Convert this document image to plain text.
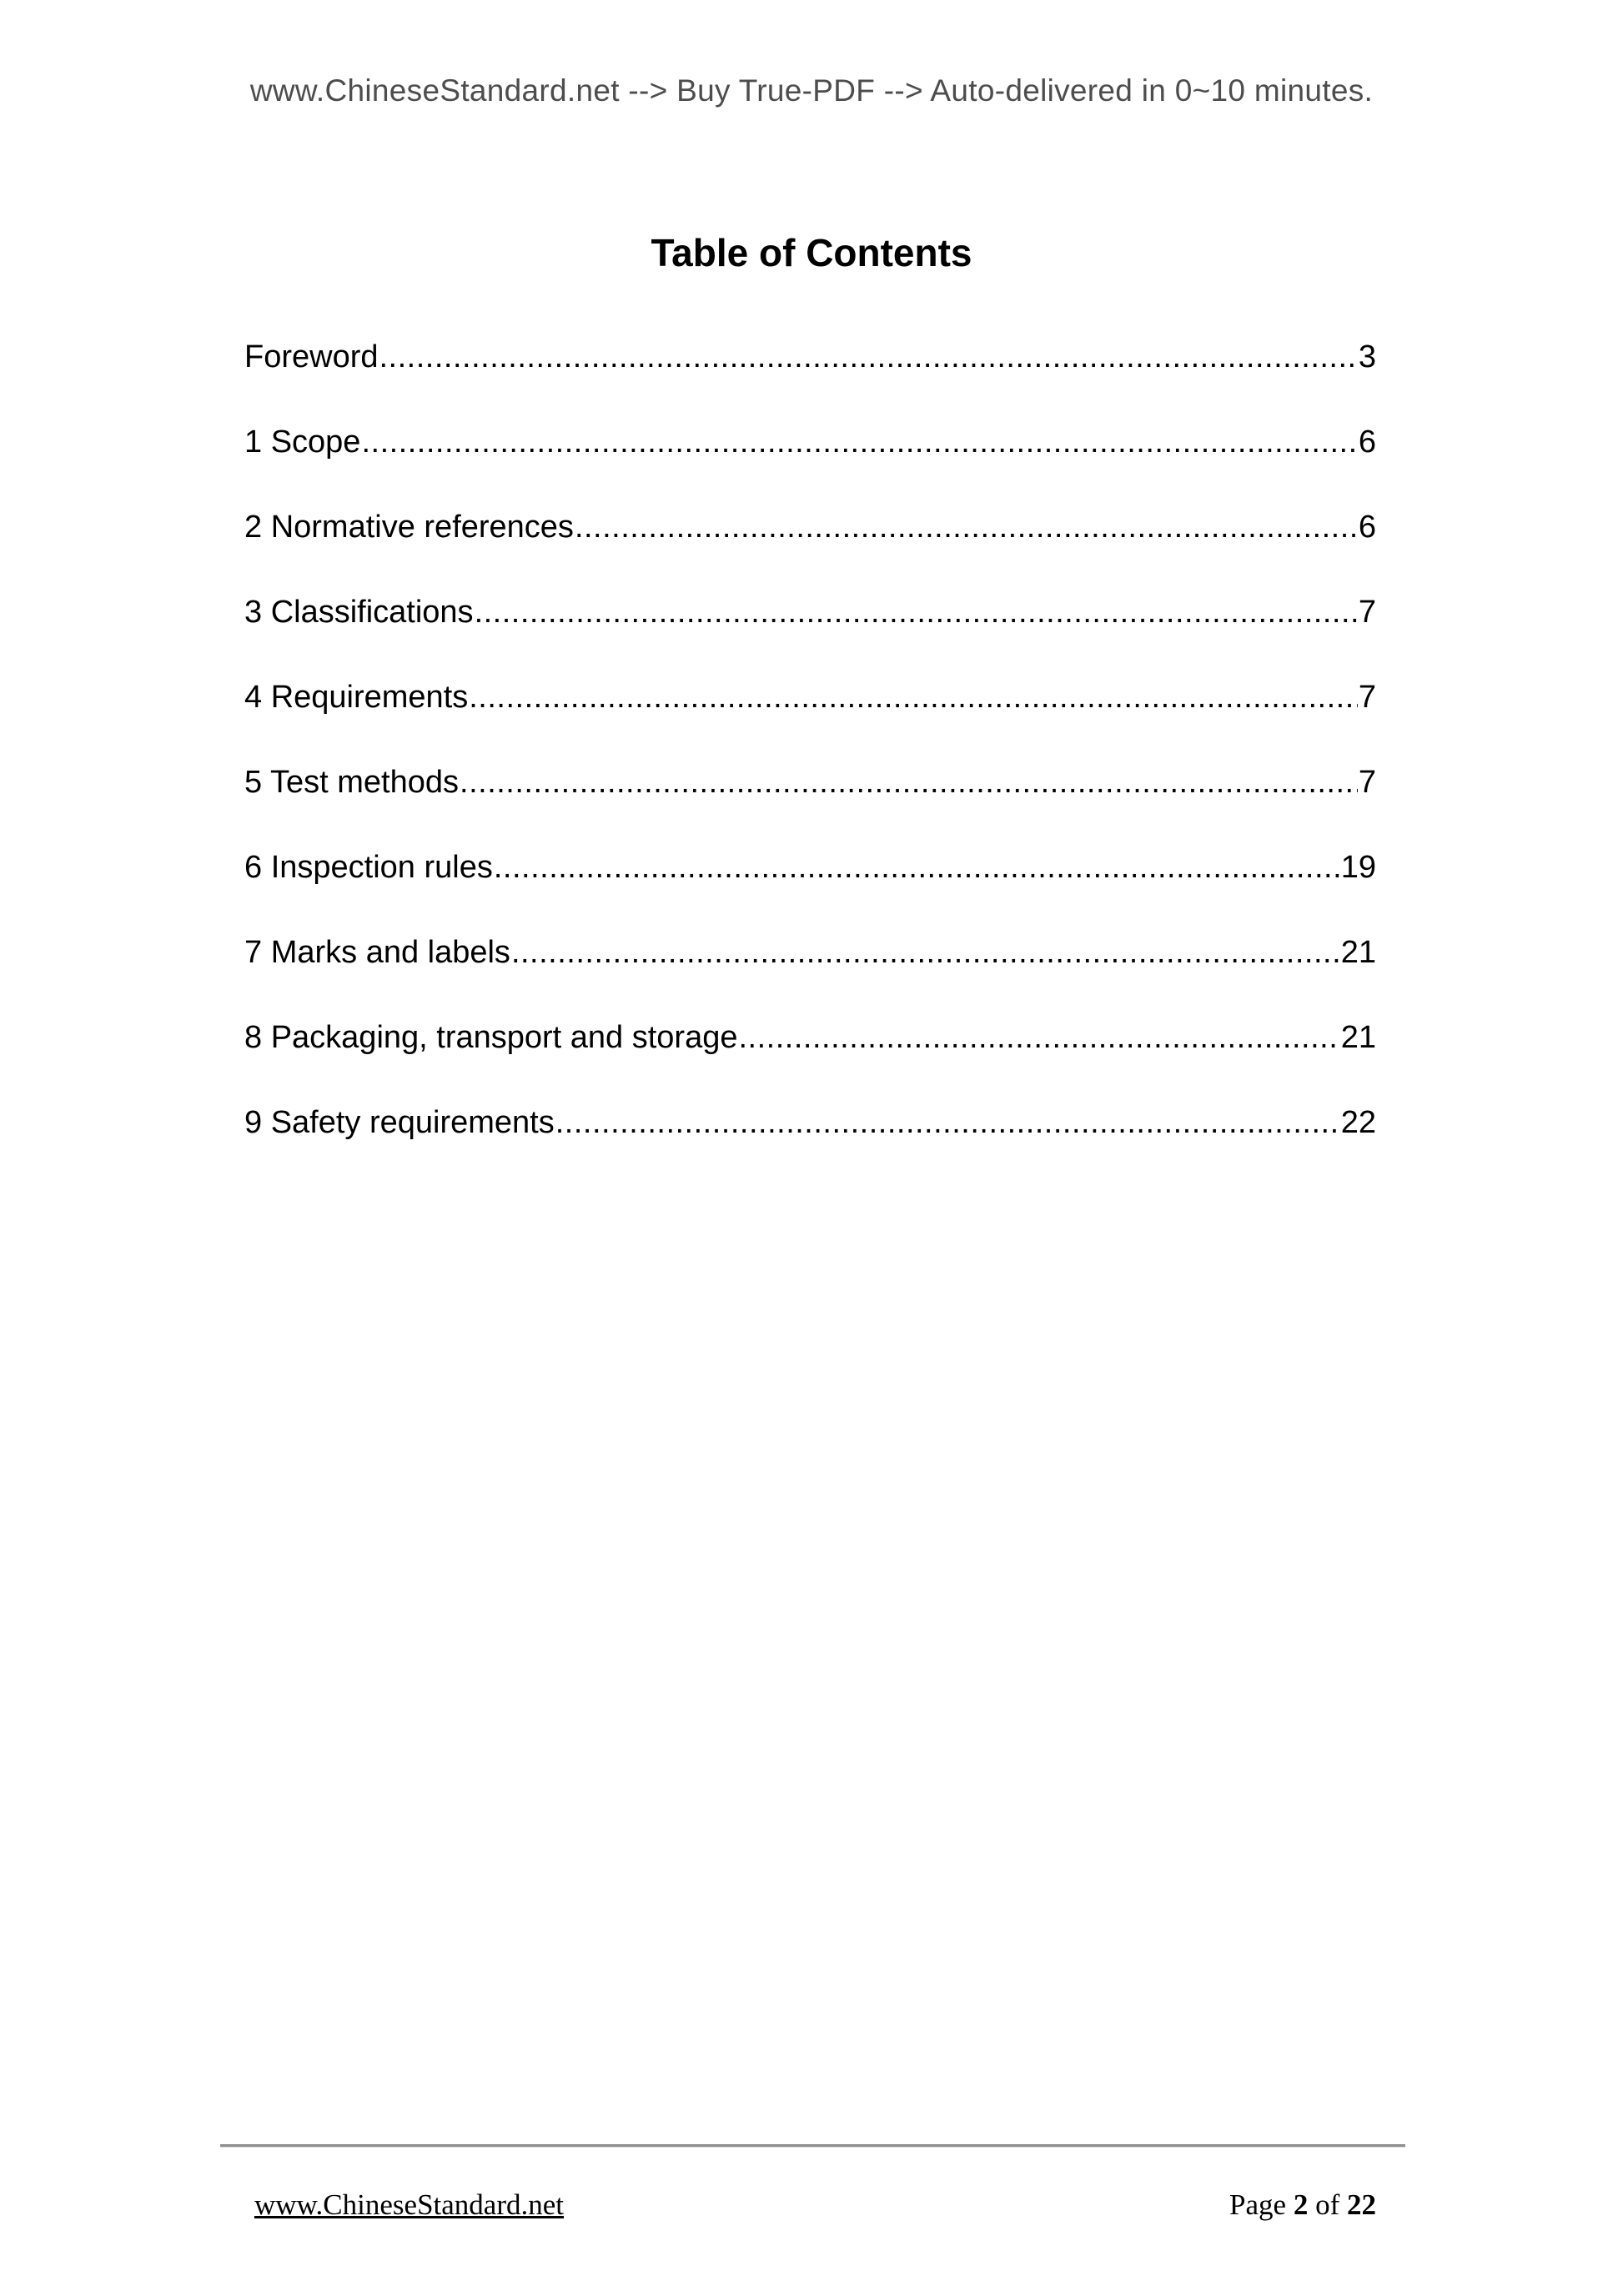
www.ChineseStandard.net --> Buy True-PDF --> Auto-delivered in 0~10 minutes.
Table of Contents
Foreword .....	3
1 Scope .....	6
2 Normative references .....	6
3 Classifications .....	7
4 Requirements .....	7
5 Test methods .....	7
6 Inspection rules .....	19
7 Marks and labels .....	21
8 Packaging, transport and storage .....	21
9 Safety requirements .....	22
www.ChineseStandard.net	Page 2 of 22
